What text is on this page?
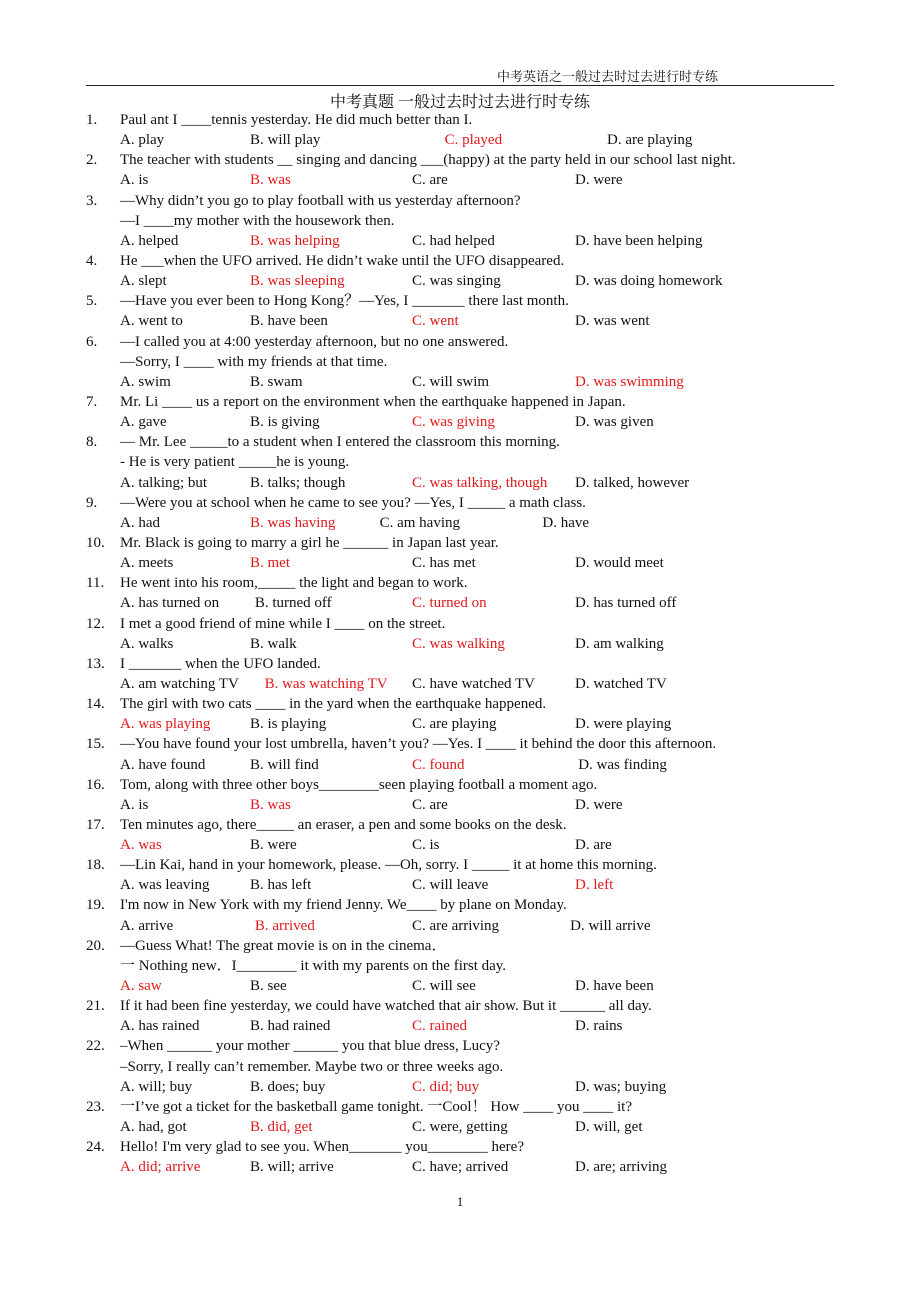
中考英语之一般过去时过去进行时专练
中考真题 一般过去时过去进行时专练
1. Paul ant I ____tennis yesterday. He did much better than I.
A. play	B. will play	C. played	D. are playing
2. The teacher with students __ singing and dancing ___(happy) at the party held in our school last night.
A. is	B. was	C. are	D. were
3. —Why didn’t you go to play football with us yesterday afternoon?
—I ____my mother with the housework then.
A. helped	B. was helping	C. had helped	D. have been helping
4. He ___when the UFO arrived. He didn’t wake until the UFO disappeared.
A. slept	B. was sleeping	C. was singing	D. was doing homework
5. —Have you ever been to Hong Kong？—Yes, I _______ there last month.
A. went to	B. have been	C. went	D. was went
6. —I called you at 4:00 yesterday afternoon, but no one answered.
—Sorry, I ____ with my friends at that time.
A. swim	B. swam	C. will swim	D. was swimming
7. Mr. Li ____ us a report on the environment when the earthquake happened in Japan.
A. gave	B. is giving	C. was giving	D. was given
8. — Mr. Lee _____to a student when I entered the classroom this morning.
- He is very patient _____he is young.
A. talking; but	B. talks; though	C. was talking, though D. talked, however
9. —Were you at school when he came to see you? —Yes, I _____ a math class.
A. had	B. was having	C. am having	D. have
10. Mr. Black is going to marry a girl he ______ in Japan last year.
A. meets	B. met	C. has met	D. would meet
11. He went into his room,_____ the light and began to work.
A. has turned on B. turned off	C. turned on	D. has turned off
12. I met a good friend of mine while I ____ on the street.
A. walks	B. walk	C. was walking	D. am walking
13. I _______ when the UFO landed.
A. am watching TV B. was watching TV C. have watched TV	D. watched TV
14. The girl with two cats ____ in the yard when the earthquake happened.
A. was playing	B. is playing	C. are playing	D. were playing
15. —You have found your lost umbrella, haven’t you? —Yes. I ____ it behind the door this afternoon.
A. have found	B. will find	C. found	D. was finding
16. Tom, along with three other boys________seen playing football a moment ago.
A. is	B. was	C. are	D. were
17. Ten minutes ago, there_____ an eraser, a pen and some books on the desk.
A. was	B. were	C. is	D. are
18. —Lin Kai, hand in your homework, please. —Oh, sorry. I _____ it at home this morning.
A. was leaving	B. has left	C. will leave	D. left
19. I'm now in New York with my friend Jenny. We____ by plane on Monday.
A. arrive	B. arrived	C. are arriving	D. will arrive
20. —Guess What! The great movie is on in the cinema．
一 Nothing new．I________ it with my parents on the first day.
A. saw	B. see	C. will see	D. have been
21. If it had been fine yesterday, we could have watched that air show. But it ______ all day.
A. has rained	B. had rained	C. rained	D. rains
22. –When ______ your mother ______ you that blue dress, Lucy?
–Sorry, I really can’t remember. Maybe two or three weeks ago.
A. will; buy	B. does; buy	C. did; buy	D. was; buying
23. 一I’ve got a ticket for the basketball game tonight. 一Cool！ How ____ you ____ it?
A. had, got	B. did, get	C. were, getting	D. will, get
24. Hello! I'm very glad to see you. When_______ you________ here?
A. did; arrive	B. will; arrive	C. have; arrived	D. are; arriving
1
